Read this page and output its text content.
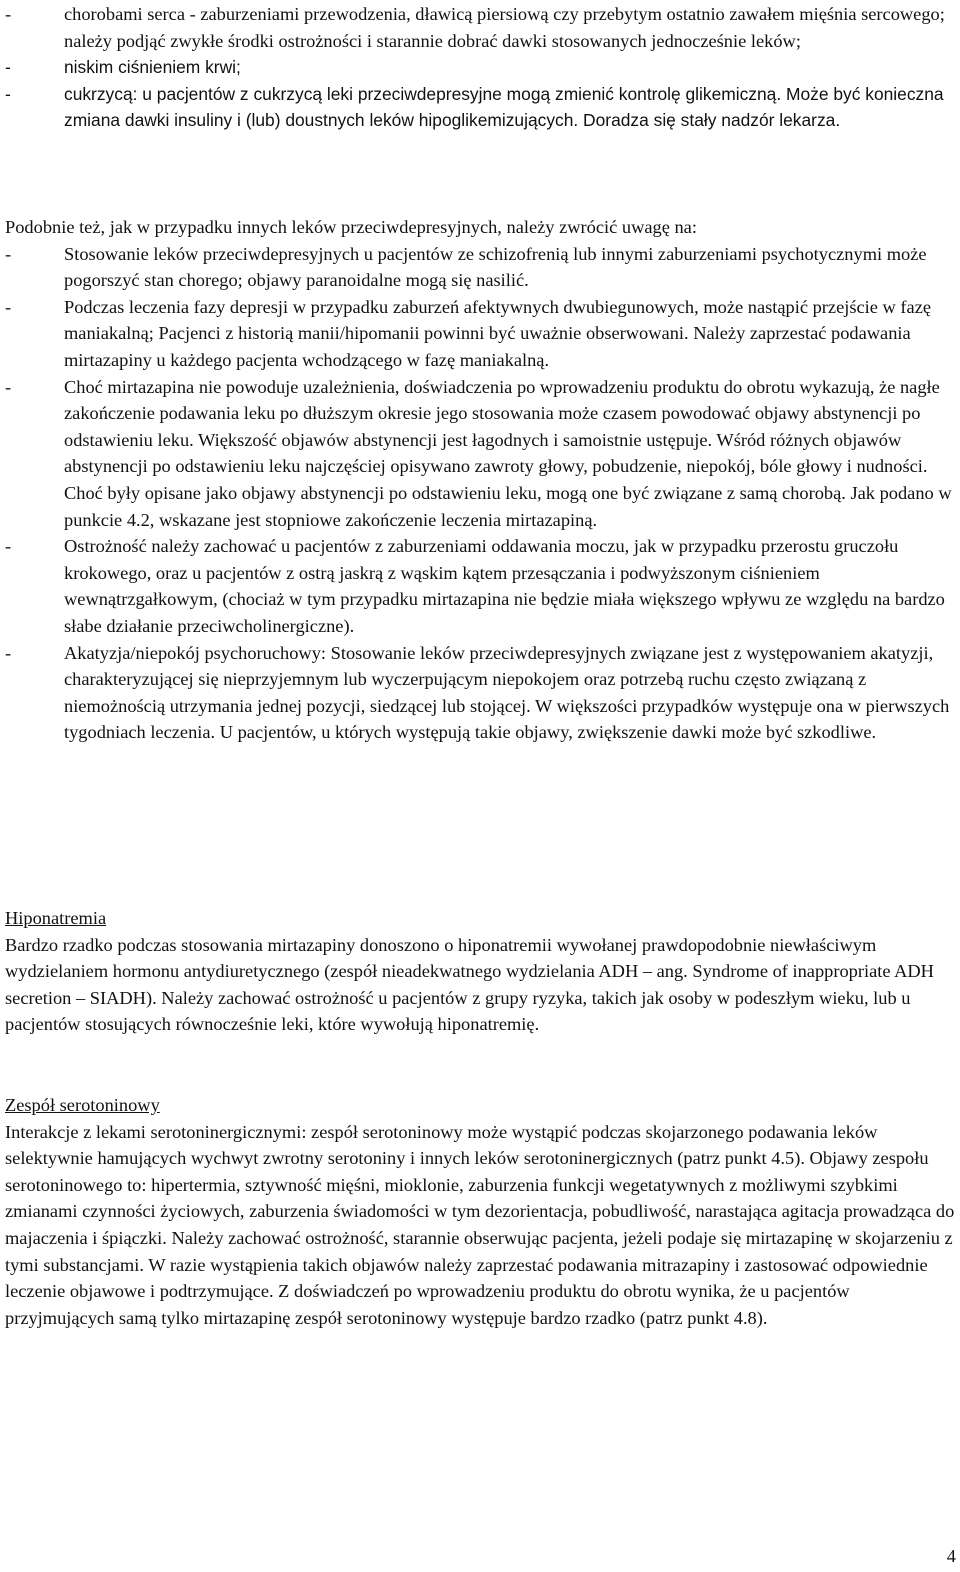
-	chorobami serca - zaburzeniami przewodzenia, dławicą piersiową czy przebytym ostatnio zawałem mięśnia sercowego; należy podjąć zwykłe środki ostrożności i starannie dobrać dawki stosowanych jednocześnie leków;
-	niskim ciśnieniem krwi;
-	cukrzycą: u pacjentów z cukrzycą leki przeciwdepresyjne mogą zmienić kontrolę glikemiczną. Może być konieczna zmiana dawki insuliny i (lub) doustnych leków hipoglikemizujących. Doradza się stały nadzór lekarza.

Podobnie też, jak w przypadku innych leków przeciwdepresyjnych, należy zwrócić uwagę na:

-	Stosowanie leków przeciwdepresyjnych u pacjentów ze schizofrenią lub innymi zaburzeniami psychotycznymi może pogorszyć stan chorego; objawy paranoidalne mogą się nasilić.
-	Podczas leczenia fazy depresji w przypadku zaburzeń afektywnych dwubiegunowych, może nastąpić przejście w fazę maniakalną; Pacjenci z historią manii/hipomanii powinni być uważnie obserwowani. Należy zaprzestać podawania mirtazapiny u każdego pacjenta wchodzącego w fazę maniakalną.
-	Choć mirtazapina nie powoduje uzależnienia, doświadczenia po wprowadzeniu produktu do obrotu wykazują, że nagłe zakończenie podawania leku po dłuższym okresie jego stosowania może czasem powodować objawy abstynencji po odstawieniu leku. Większość objawów abstynencji jest łagodnych i samoistnie ustępuje. Wśród różnych objawów abstynencji po odstawieniu leku najczęściej opisywano zawroty głowy, pobudzenie, niepokój, bóle głowy i nudności. Choć były opisane jako objawy abstynencji po odstawieniu leku, mogą one być związane z samą chorobą. Jak podano w punkcie 4.2, wskazane jest stopniowe zakończenie leczenia mirtazapiną.
-	Ostrożność należy zachować u pacjentów z zaburzeniami oddawania moczu, jak w przypadku przerostu gruczołu krokowego, oraz u pacjentów z ostrą jaskrą z wąskim kątem przesączania i podwyższonym ciśnieniem wewnątrzgałkowym, (chociaż w tym przypadku mirtazapina nie będzie miała większego wpływu ze względu na bardzo słabe działanie przeciwcholinergiczne).
-	Akatyzja/niepokój psychoruchowy: Stosowanie leków przeciwdepresyjnych związane jest z występowaniem akatyzji, charakteryzującej się nieprzyjemnym lub wyczerpującym niepokojem oraz potrzebą ruchu często związaną z niemożnością utrzymania jednej pozycji, siedzącej lub stojącej. W większości przypadków występuje ona w pierwszych tygodniach leczenia. U pacjentów, u których występują takie objawy, zwiększenie dawki może być szkodliwe.

Hiponatremia

Bardzo rzadko podczas stosowania mirtazapiny donoszono o hiponatremii wywołanej prawdopodobnie niewłaściwym wydzielaniem hormonu antydiuretycznego (zespół nieadekwatnego wydzielania ADH – ang. Syndrome of inappropriate ADH secretion – SIADH). Należy zachować ostrożność u pacjentów z grupy ryzyka, takich jak osoby w podeszłym wieku, lub u pacjentów stosujących równocześnie leki, które wywołują hiponatremię.

Zespół serotoninowy

Interakcje z lekami serotoninergicznymi: zespół serotoninowy może wystąpić podczas skojarzonego podawania leków selektywnie hamujących wychwyt zwrotny serotoniny i innych leków serotoninergicznych (patrz punkt 4.5). Objawy zespołu serotoninowego to: hipertermia, sztywność mięśni, mioklonie, zaburzenia funkcji wegetatywnych z możliwymi szybkimi zmianami czynności życiowych, zaburzenia świadomości w tym dezorientacja, pobudliwość, narastająca agitacja prowadząca do majaczenia i śpiączki. Należy zachować ostrożność, starannie obserwując pacjenta, jeżeli podaje się mirtazapinę w skojarzeniu z tymi substancjami. W razie wystąpienia takich objawów należy zaprzestać podawania mitrazapiny i zastosować odpowiednie leczenie objawowe i podtrzymujące. Z doświadczeń po wprowadzeniu produktu do obrotu wynika, że u pacjentów przyjmujących samą tylko mirtazapinę zespół serotoninowy występuje bardzo rzadko (patrz punkt 4.8).

4
